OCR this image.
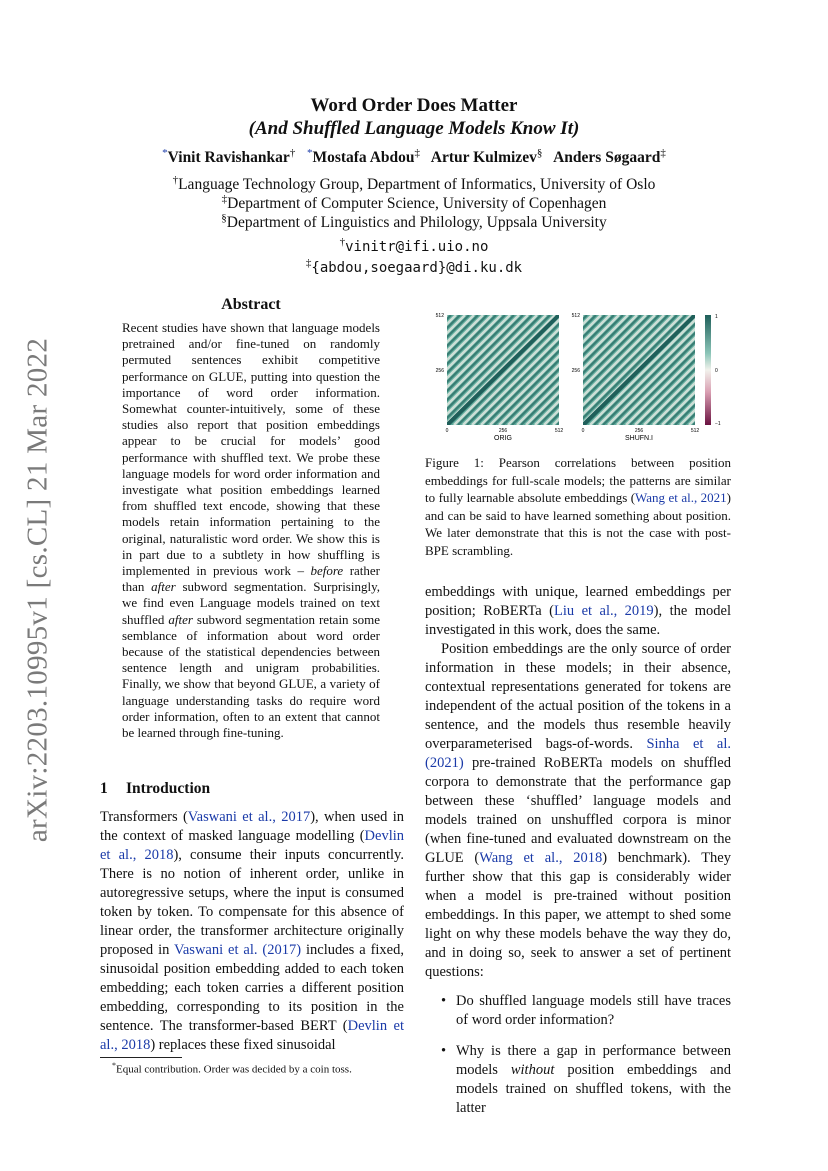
arXiv:2203.10995v1 [cs.CL] 21 Mar 2022
Word Order Does Matter
(And Shuffled Language Models Know It)
*Vinit Ravishankar† *Mostafa Abdou‡ Artur Kulmizev§ Anders Søgaard‡
†Language Technology Group, Department of Informatics, University of Oslo
‡Department of Computer Science, University of Copenhagen
§Department of Linguistics and Philology, Uppsala University
†vinitr@ifi.uio.no
‡{abdou,soegaard}@di.ku.dk
Abstract
Recent studies have shown that language models pretrained and/or fine-tuned on randomly permuted sentences exhibit competitive performance on GLUE, putting into question the importance of word order information. Somewhat counter-intuitively, some of these studies also report that position embeddings appear to be crucial for models’ good performance with shuffled text. We probe these language models for word order information and investigate what position embeddings learned from shuffled text encode, showing that these models retain information pertaining to the original, naturalistic word order. We show this is in part due to a subtlety in how shuffling is implemented in previous work – before rather than after subword segmentation. Surprisingly, we find even Language models trained on text shuffled after subword segmentation retain some semblance of information about word order because of the statistical dependencies between sentence length and unigram probabilities. Finally, we show that beyond GLUE, a variety of language understanding tasks do require word order information, often to an extent that cannot be learned through fine-tuning.
1 Introduction
Transformers (Vaswani et al., 2017), when used in the context of masked language modelling (Devlin et al., 2018), consume their inputs concurrently. There is no notion of inherent order, unlike in autoregressive setups, where the input is consumed token by token. To compensate for this absence of linear order, the transformer architecture originally proposed in Vaswani et al. (2017) includes a fixed, sinusoidal position embedding added to each token embedding; each token carries a different position embedding, corresponding to its position in the sentence. The transformer-based BERT (Devlin et al., 2018) replaces these fixed sinusoidal
*Equal contribution. Order was decided by a coin toss.
512
256
0	256	512
ORIG
512
256
0	256	512
SHUFN.I
1
0
−1
Figure 1: Pearson correlations between position embeddings for full-scale models; the patterns are similar to fully learnable absolute embeddings (Wang et al., 2021) and can be said to have learned something about position. We later demonstrate that this is not the case with post-BPE scrambling.

embeddings with unique, learned embeddings per position; RoBERTa (Liu et al., 2019), the model investigated in this work, does the same.

Position embeddings are the only source of order information in these models; in their absence, contextual representations generated for tokens are independent of the actual position of the tokens in a sentence, and the models thus resemble heavily overparameterised bags-of-words. Sinha et al. (2021) pre-trained RoBERTa models on shuffled corpora to demonstrate that the performance gap between these ‘shuffled’ language models and models trained on unshuffled corpora is minor (when fine-tuned and evaluated downstream on the GLUE (Wang et al., 2018) benchmark). They further show that this gap is considerably wider when a model is pre-trained without position embeddings. In this paper, we attempt to shed some light on why these models behave the way they do, and in doing so, seek to answer a set of pertinent questions:

• Do shuffled language models still have traces of word order information?
• Why is there a gap in performance between models without position embeddings and models trained on shuffled tokens, with the latter
